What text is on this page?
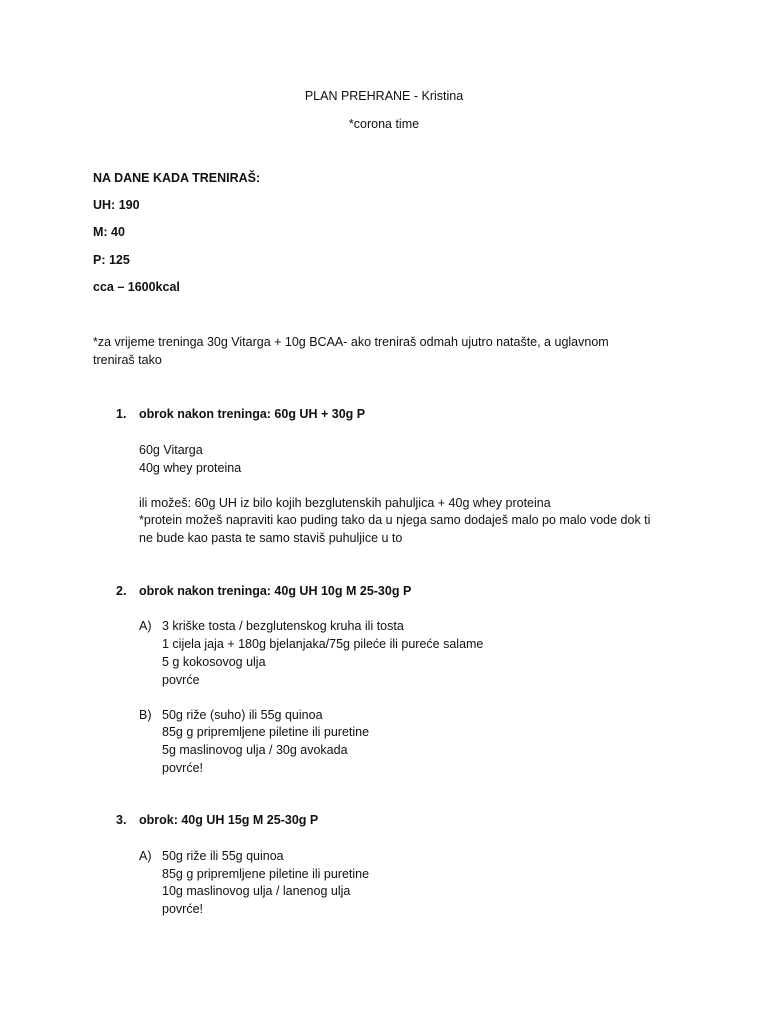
PLAN PREHRANE - Kristina
*corona time
NA DANE KADA TRENIRAŠ:
UH: 190
M: 40
P: 125
cca – 1600kcal
*za vrijeme treninga 30g Vitarga + 10g BCAA- ako treniraš odmah ujutro natašte, a uglavnom
treniraš tako
1. obrok nakon treninga: 60g UH + 30g P
60g Vitarga
40g whey proteina
ili možeš: 60g UH iz bilo kojih bezglutenskih pahuljica + 40g whey proteina
*protein možeš napraviti kao puding tako da u njega samo dodaješ malo po malo vode dok ti
ne bude kao pasta te samo staviš puhuljice u to
2. obrok nakon treninga: 40g UH 10g M 25-30g P
A) 3 kriške tosta / bezglutenskog kruha ili tosta
1 cijela jaja + 180g bjelanjaka/75g pileće ili pureće salame
5 g kokosovog ulja
povrće
B) 50g riže (suho) ili 55g quinoa
85g g pripremljene piletine ili puretine
5g maslinovog ulja / 30g avokada
povrće!
3. obrok: 40g UH 15g M 25-30g P
A) 50g riže ili 55g quinoa
85g g pripremljene piletine ili puretine
10g maslinovog ulja / lanenog ulja
povrće!
